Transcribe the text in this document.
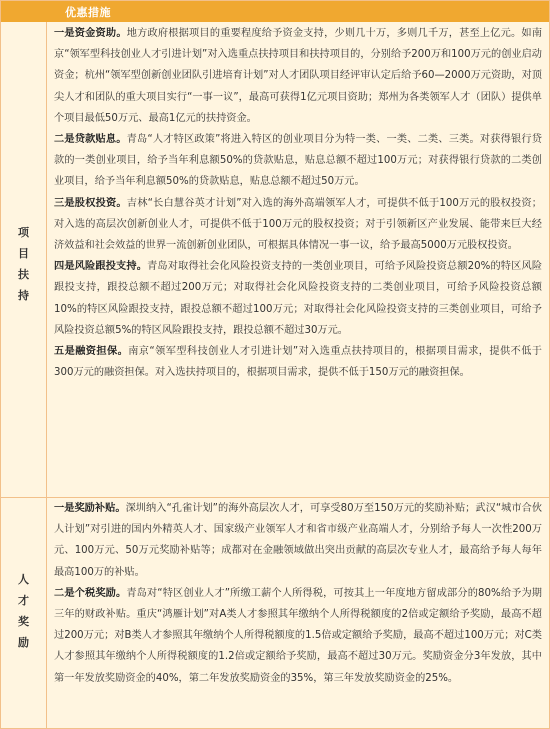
优惠措施
项
目
扶
持

一是资金资助。地方政府根据项目的重要程度给予资金支持，少则几十万，多则几千万，甚至上亿元。如南京“领军型科技创业人才引进计划”对入选重点扶持项目和扶持项目的，分别给予200万和100万元的创业启动资金；杭州“领军型创新创业团队引进培育计划”对人才团队项目经评审认定后给予60—2000万元资助，对顶尖人才和团队的重大项目实行“一事一议”，最高可获得1亿元项目资助；郑州为各类领军人才（团队）提供单个项目最低50万元、最高1亿元的扶持资金。

二是贷款贴息。青岛“人才特区政策”将进入特区的创业项目分为特一类、一类、二类、三类。对获得银行贷款的一类创业项目，给予当年利息额50%的贷款贴息，贴息总额不超过100万元；对获得银行贷款的二类创业项目，给予当年利息额50%的贷款贴息，贴息总额不超过50万元。

三是股权投资。吉林“长白慧谷英才计划”对入选的海外高端领军人才，可提供不低于100万元的股权投资；对入选的高层次创新创业人才，可提供不低于100万元的股权投资；对于引领新区产业发展、能带来巨大经济效益和社会效益的世界一流创新创业团队，可根据具体情况一事一议，给予最高5000万元股权投资。

四是风险跟投支持。青岛对取得社会化风险投资支持的一类创业项目，可给予风险投资总额20%的特区风险跟投支持，跟投总额不超过200万元；对取得社会化风险投资支持的二类创业项目，可给予风险投资总额10%的特区风险跟投支持，跟投总额不超过100万元；对取得社会化风险投资支持的三类创业项目，可给予风险投资总额5%的特区风险跟投支持，跟投总额不超过30万元。

五是融资担保。南京“领军型科技创业人才引进计划”对入选重点扶持项目的，根据项目需求，提供不低于300万元的融资担保。对入选扶持项目的，根据项目需求，提供不低于150万元的融资担保。

人
才
奖
励

一是奖励补贴。深圳纳入“孔雀计划”的海外高层次人才，可享受80万至150万元的奖励补贴；武汉“城市合伙人计划”对引进的国内外精英人才、国家级产业领军人才和省市级产业高端人才，分别给予每人一次性200万元、100万元、50万元奖励补贴等；成都对在金融领域做出突出贡献的高层次专业人才，最高给予每人每年最高100万的补贴。

二是个税奖励。青岛对“特区创业人才”所缴工薪个人所得税，可按其上一年度地方留成部分的80%给予为期三年的财政补贴。重庆“鸿雁计划”对A类人才参照其年缴纳个人所得税额度的2倍或定额给予奖励，最高不超过200万元；对B类人才参照其年缴纳个人所得税额度的1.5倍或定额给予奖励，最高不超过100万元；对C类人才参照其年缴纳个人所得税额度的1.2倍或定额给予奖励，最高不超过30万元。奖励资金分3年发放，其中第一年发放奖励资金的40%，第二年发放奖励资金的35%，第三年发放奖励资金的25%。
